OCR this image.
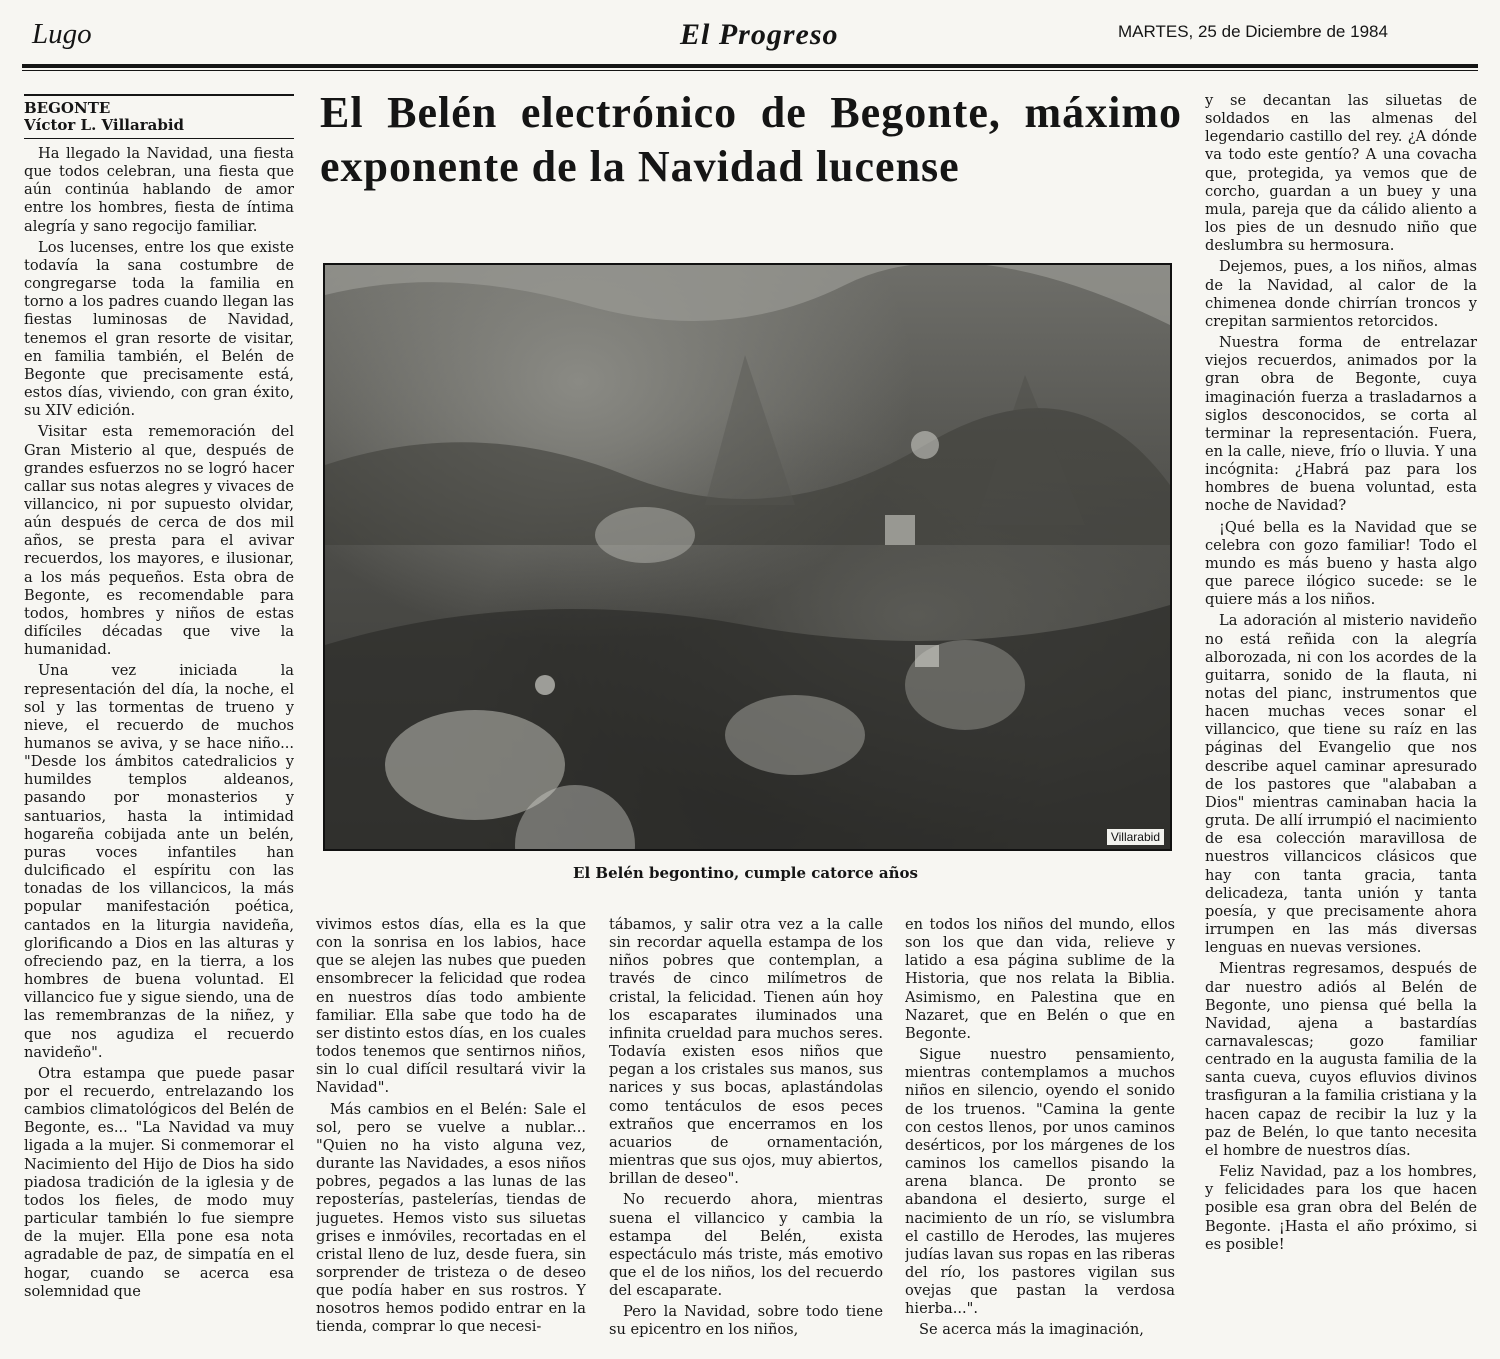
Lugo	El Progreso	MARTES, 25 de Diciembre de 1984
BEGONTE
Víctor L. Villarabid

Ha llegado la Navidad, una fiesta que todos celebran, una fiesta que aún continúa hablando de amor entre los hombres, fiesta de íntima alegría y sano regocijo familiar.

Los lucenses, entre los que existe todavía la sana costumbre de congregarse toda la familia en torno a los padres cuando llegan las fiestas luminosas de Navidad, tenemos el gran resorte de visitar, en familia también, el Belén de Begonte que precisamente está, estos días, viviendo, con gran éxito, su XIV edición.

Visitar esta rememoración del Gran Misterio al que, después de grandes esfuerzos no se logró hacer callar sus notas alegres y vivaces de villancico, ni por supuesto olvidar, aún después de cerca de dos mil años, se presta para el avivar recuerdos, los mayores, e ilusionar, a los más pequeños. Esta obra de Begonte, es recomendable para todos, hombres y niños de estas difíciles décadas que vive la humanidad.

Una vez iniciada la representación del día, la noche, el sol y las tormentas de trueno y nieve, el recuerdo de muchos humanos se aviva, y se hace niño... "Desde los ámbitos catedralicios y humildes templos aldeanos, pasando por monasterios y santuarios, hasta la intimidad hogareña cobijada ante un belén, puras voces infantiles han dulcificado el espíritu con las tonadas de los villancicos, la más popular manifestación poética, cantados en la liturgia navideña, glorificando a Dios en las alturas y ofreciendo paz, en la tierra, a los hombres de buena voluntad. El villancico fue y sigue siendo, una de las remembranzas de la niñez, y que nos agudiza el recuerdo navideño".

Otra estampa que puede pasar por el recuerdo, entrelazando los cambios climatológicos del Belén de Begonte, es... "La Navidad va muy ligada a la mujer. Si conmemorar el Nacimiento del Hijo de Dios ha sido piadosa tradición de la iglesia y de todos los fieles, de modo muy particular también lo fue siempre de la mujer. Ella pone esa nota agradable de paz, de simpatía en el hogar, cuando se acerca esa solemnidad que

El Belén electrónico de Begonte, máximo exponente de la Navidad lucense
Villarabid
El Belén begontino, cumple catorce años

vivimos estos días, ella es la que con la sonrisa en los labios, hace que se alejen las nubes que pueden ensombrecer la felicidad que rodea en nuestros días todo ambiente familiar. Ella sabe que todo ha de ser distinto estos días, en los cuales todos tenemos que sentirnos niños, sin lo cual difícil resultará vivir la Navidad".

Más cambios en el Belén: Sale el sol, pero se vuelve a nublar... "Quien no ha visto alguna vez, durante las Navidades, a esos niños pobres, pegados a las lunas de las reposterías, pastelerías, tiendas de juguetes. Hemos visto sus siluetas grises e inmóviles, recortadas en el cristal lleno de luz, desde fuera, sin sorprender de tristeza o de deseo que podía haber en sus rostros. Y nosotros hemos podido entrar en la tienda, comprar lo que necesi-

tábamos, y salir otra vez a la calle sin recordar aquella estampa de los niños pobres que contemplan, a través de cinco milímetros de cristal, la felicidad. Tienen aún hoy los escaparates iluminados una infinita crueldad para muchos seres. Todavía existen esos niños que pegan a los cristales sus manos, sus narices y sus bocas, aplastándolas como tentáculos de esos peces extraños que encerramos en los acuarios de ornamentación, mientras que sus ojos, muy abiertos, brillan de deseo".

No recuerdo ahora, mientras suena el villancico y cambia la estampa del Belén, exista espectáculo más triste, más emotivo que el de los niños, los del recuerdo del escaparate.

Pero la Navidad, sobre todo tiene su epicentro en los niños,

en todos los niños del mundo, ellos son los que dan vida, relieve y latido a esa página sublime de la Historia, que nos relata la Biblia. Asimismo, en Palestina que en Nazaret, que en Belén o que en Begonte.

Sigue nuestro pensamiento, mientras contemplamos a muchos niños en silencio, oyendo el sonido de los truenos. "Camina la gente con cestos llenos, por unos caminos desérticos, por los márgenes de los caminos los camellos pisando la arena blanca. De pronto se abandona el desierto, surge el nacimiento de un río, se vislumbra el castillo de Herodes, las mujeres judías lavan sus ropas en las riberas del río, los pastores vigilan sus ovejas que pastan la verdosa hierba...".

Se acerca más la imaginación,

y se decantan las siluetas de soldados en las almenas del legendario castillo del rey. ¿A dónde va todo este gentío? A una covacha que, protegida, ya vemos que de corcho, guardan a un buey y una mula, pareja que da cálido aliento a los pies de un desnudo niño que deslumbra su hermosura.

Dejemos, pues, a los niños, almas de la Navidad, al calor de la chimenea donde chirrían troncos y crepitan sarmientos retorcidos.

Nuestra forma de entrelazar viejos recuerdos, animados por la gran obra de Begonte, cuya imaginación fuerza a trasladarnos a siglos desconocidos, se corta al terminar la representación. Fuera, en la calle, nieve, frío o lluvia. Y una incógnita: ¿Habrá paz para los hombres de buena voluntad, esta noche de Navidad?

¡Qué bella es la Navidad que se celebra con gozo familiar! Todo el mundo es más bueno y hasta algo que parece ilógico sucede: se le quiere más a los niños.

La adoración al misterio navideño no está reñida con la alegría alborozada, ni con los acordes de la guitarra, sonido de la flauta, ni notas del pianc, instrumentos que hacen muchas veces sonar el villancico, que tiene su raíz en las páginas del Evangelio que nos describe aquel caminar apresurado de los pastores que "alababan a Dios" mientras caminaban hacia la gruta. De allí irrumpió el nacimiento de esa colección maravillosa de nuestros villancicos clásicos que hay con tanta gracia, tanta delicadeza, tanta unión y tanta poesía, y que precisamente ahora irrumpen en las más diversas lenguas en nuevas versiones.

Mientras regresamos, después de dar nuestro adiós al Belén de Begonte, uno piensa qué bella la Navidad, ajena a bastardías carnavalescas; gozo familiar centrado en la augusta familia de la santa cueva, cuyos efluvios divinos trasfiguran a la familia cristiana y la hacen capaz de recibir la luz y la paz de Belén, lo que tanto necesita el hombre de nuestros días.

Feliz Navidad, paz a los hombres, y felicidades para los que hacen posible esa gran obra del Belén de Begonte. ¡Hasta el año próximo, si es posible!
